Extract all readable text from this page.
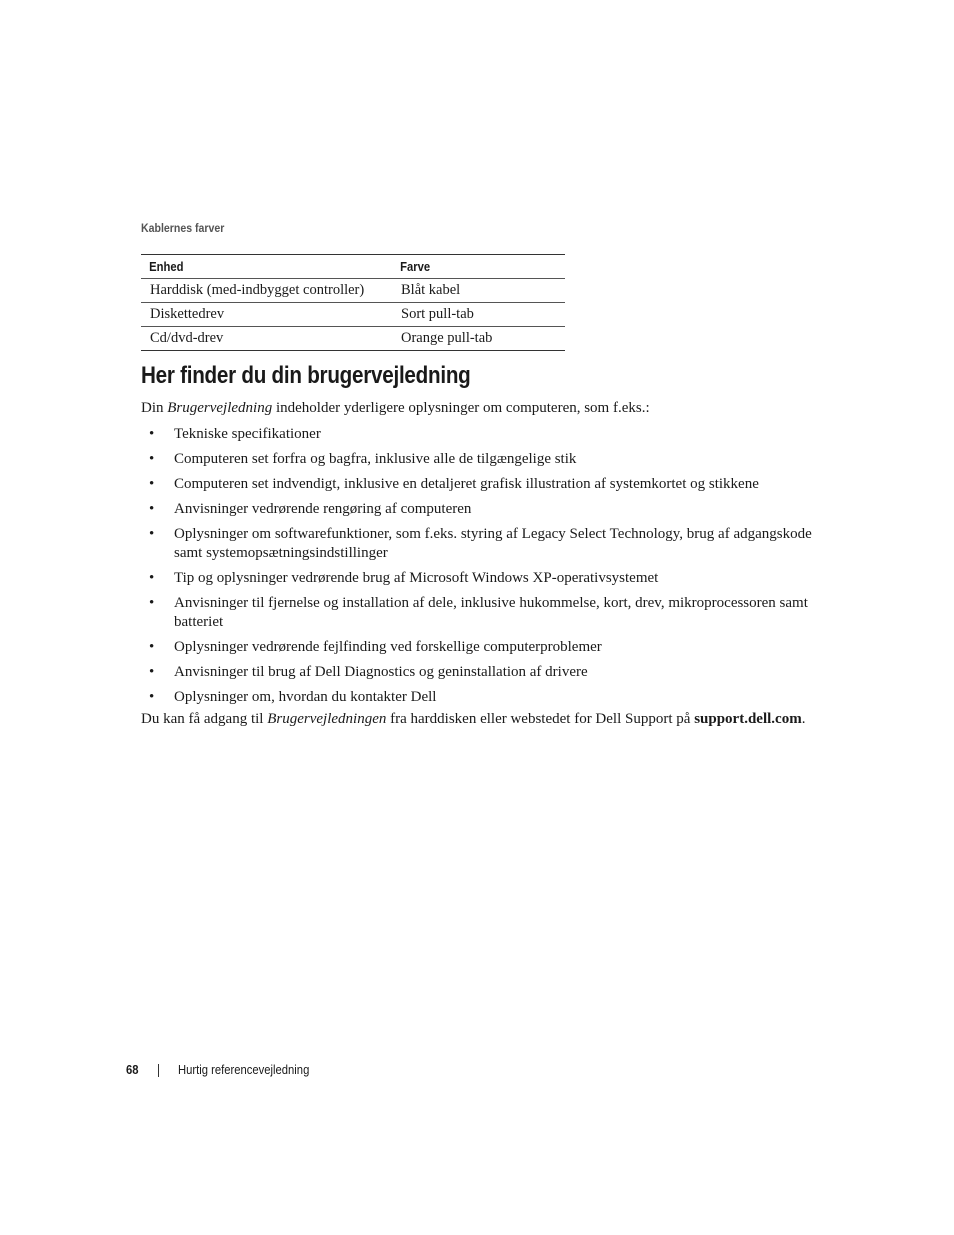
Kablernes farver
Enhed	Farve
Harddisk (med-indbygget controller)	Blåt kabel
Diskettedrev	Sort pull-tab
Cd/dvd-drev	Orange pull-tab
Her finder du din brugervejledning

Din Brugervejledning indeholder yderligere oplysninger om computeren, som f.eks.:

• Tekniske specifikationer
• Computeren set forfra og bagfra, inklusive alle de tilgængelige stik
• Computeren set indvendigt, inklusive en detaljeret grafisk illustration af systemkortet og stikkene
• Anvisninger vedrørende rengøring af computeren
• Oplysninger om softwarefunktioner, som f.eks. styring af Legacy Select Technology, brug af adgangskode samt systemopsætningsindstillinger
• Tip og oplysninger vedrørende brug af Microsoft Windows XP-operativsystemet
• Anvisninger til fjernelse og installation af dele, inklusive hukommelse, kort, drev, mikroprocessoren samt batteriet
• Oplysninger vedrørende fejlfinding ved forskellige computerproblemer
• Anvisninger til brug af Dell Diagnostics og geninstallation af drivere
• Oplysninger om, hvordan du kontakter Dell

Du kan få adgang til Brugervejledningen fra harddisken eller webstedet for Dell Support på support.dell.com.

68	Hurtig referencevejledning
